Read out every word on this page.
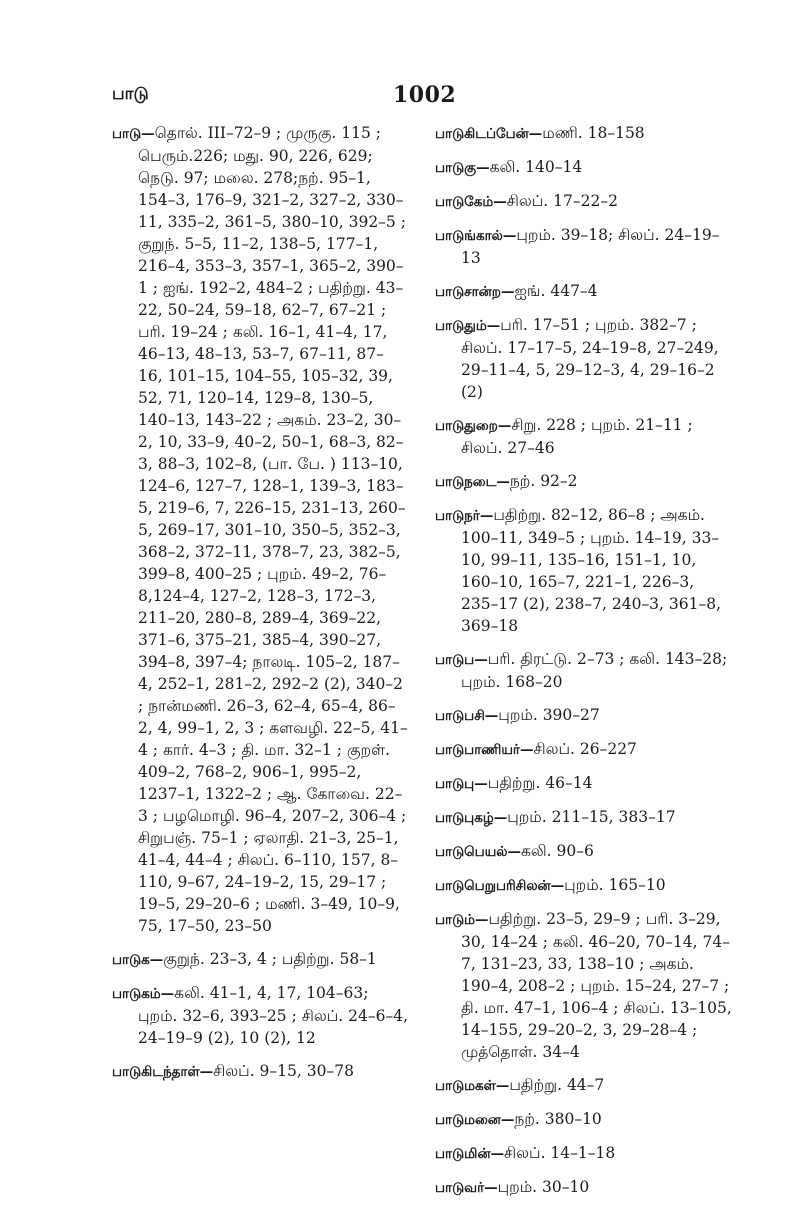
பாடு	1002
பாடு—தொல். III–72–9 ; முருகு. 115 ; பெரும்.226; மது. 90, 226, 629; நெடு. 97; மலை. 278;நற். 95–1, 154–3, 176–9, 321–2, 327–2, 330–11, 335–2, 361–5, 380–10, 392–5 ; குறுந். 5–5, 11–2, 138–5, 177–1, 216–4, 353–3, 357–1, 365–2, 390–1 ; ஐங். 192–2, 484–2 ; பதிற்று. 43–22, 50–24, 59–18, 62–7, 67–21 ; பரி. 19–24 ; கலி. 16–1, 41–4, 17, 46–13, 48–13, 53–7, 67–11, 87–16, 101–15, 104–55, 105–32, 39, 52, 71, 120–14, 129–8, 130–5, 140–13, 143–22 ; அகம். 23–2, 30–2, 10, 33–9, 40–2, 50–1, 68–3, 82–3, 88–3, 102–8, (பா. பே. ) 113–10, 124–6, 127–7, 128–1, 139–3, 183–5, 219–6, 7, 226–15, 231–13, 260–5, 269–17, 301–10, 350–5, 352–3, 368–2, 372–11, 378–7, 23, 382–5, 399–8, 400–25 ; புறம். 49–2, 76–8,124–4, 127–2, 128–3, 172–3, 211–20, 280–8, 289–4, 369–22, 371–6, 375–21, 385–4, 390–27, 394–8, 397–4; நாலடி. 105–2, 187–4, 252–1, 281–2, 292–2 (2), 340–2 ; நான்மணி. 26–3, 62–4, 65–4, 86–2, 4, 99–1, 2, 3 ; களவழி. 22–5, 41–4 ; கார். 4–3 ; தி. மா. 32–1 ; குறள். 409–2, 768–2, 906–1, 995–2, 1237–1, 1322–2 ; ஆ. கோவை. 22–3 ; பழமொழி. 96–4, 207–2, 306–4 ; சிறுபஞ். 75–1 ; ஏலாதி. 21–3, 25–1, 41–4, 44–4 ; சிலப். 6–110, 157, 8–110, 9–67, 24–19–2, 15, 29–17 ; 19–5, 29–20–6 ; மணி. 3–49, 10–9, 75, 17–50, 23–50
பாடுக—குறுந். 23–3, 4 ; பதிற்று. 58–1
பாடுகம்—கலி. 41–1, 4, 17, 104–63; புறம். 32–6, 393–25 ; சிலப். 24–6–4, 24–19–9 (2), 10 (2), 12
பாடுகிடந்தாள்—சிலப். 9–15, 30–78
பாடுகிடப்பேன்—மணி. 18–158
பாடுகு—கலி. 140–14
பாடுகேம்—சிலப். 17–22–2
பாடுங்கால்—புறம். 39–18; சிலப். 24–19–13
பாடுசான்ற—ஐங். 447–4
பாடுதும்—பரி. 17–51 ; புறம். 382–7 ; சிலப். 17–17–5, 24–19–8, 27–249, 29–11–4, 5, 29–12–3, 4, 29–16–2 (2)
பாடுதுறை—சிறு. 228 ; புறம். 21–11 ; சிலப். 27–46
பாடுநடை—நற். 92–2
பாடுநர்—பதிற்று. 82–12, 86–8 ; அகம். 100–11, 349–5 ; புறம். 14–19, 33–10, 99–11, 135–16, 151–1, 10, 160–10, 165–7, 221–1, 226–3, 235–17 (2), 238–7, 240–3, 361–8, 369–18
பாடுப—பரி. திரட்டு. 2–73 ; கலி. 143–28; புறம். 168–20
பாடுபசி—புறம். 390–27
பாடுபாணியர்—சிலப். 26–227
பாடுபு—பதிற்று. 46–14
பாடுபுகழ்—புறம். 211–15, 383–17
பாடுபெயல்—கலி. 90–6
பாடுபெறுபரிசிலன்—புறம். 165–10
பாடும்—பதிற்று. 23–5, 29–9 ; பரி. 3–29, 30, 14–24 ; கலி. 46–20, 70–14, 74–7, 131–23, 33, 138–10 ; அகம். 190–4, 208–2 ; புறம். 15–24, 27–7 ; தி. மா. 47–1, 106–4 ; சிலப். 13–105, 14–155, 29–20–2, 3, 29–28–4 ; முத்தொள். 34–4
பாடுமகள்—பதிற்று. 44–7
பாடுமனை—நற். 380–10
பாடுமின்—சிலப். 14–1–18
பாடுவர்—புறம். 30–10
